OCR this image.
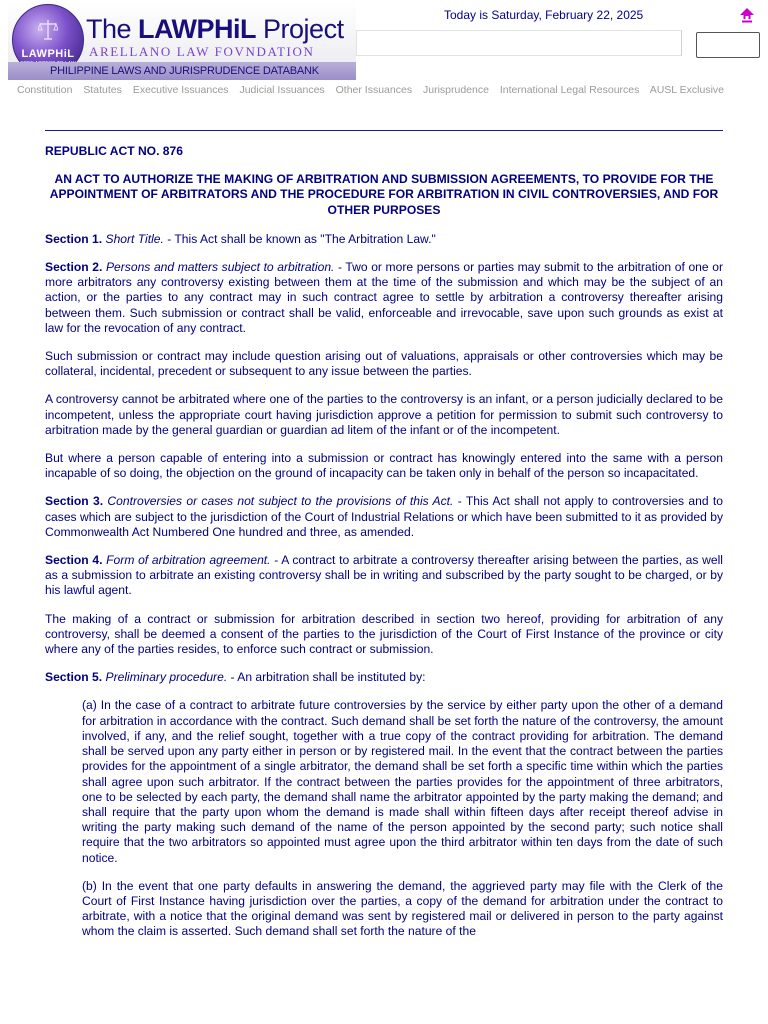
LAWPHiL
The LAWPHiL Project
ARELLANO LAW FOVNDATION
PHILIPPINE LAWS AND JURISPRUDENCE DATABANK
Today is Saturday, February 22, 2025
Constitution Statutes Executive Issuances Judicial Issuances Other Issuances Jurisprudence International Legal Resources AUSL Exclusive
REPUBLIC ACT NO. 876
AN ACT TO AUTHORIZE THE MAKING OF ARBITRATION AND SUBMISSION AGREEMENTS, TO PROVIDE FOR THE APPOINTMENT OF ARBITRATORS AND THE PROCEDURE FOR ARBITRATION IN CIVIL CONTROVERSIES, AND FOR OTHER PURPOSES

Section 1. Short Title. - This Act shall be known as "The Arbitration Law."

Section 2. Persons and matters subject to arbitration. - Two or more persons or parties may submit to the arbitration of one or more arbitrators any controversy existing between them at the time of the submission and which may be the subject of an action, or the parties to any contract may in such contract agree to settle by arbitration a controversy thereafter arising between them. Such submission or contract shall be valid, enforceable and irrevocable, save upon such grounds as exist at law for the revocation of any contract.

Such submission or contract may include question arising out of valuations, appraisals or other controversies which may be collateral, incidental, precedent or subsequent to any issue between the parties.

A controversy cannot be arbitrated where one of the parties to the controversy is an infant, or a person judicially declared to be incompetent, unless the appropriate court having jurisdiction approve a petition for permission to submit such controversy to arbitration made by the general guardian or guardian ad litem of the infant or of the incompetent.

But where a person capable of entering into a submission or contract has knowingly entered into the same with a person incapable of so doing, the objection on the ground of incapacity can be taken only in behalf of the person so incapacitated.

Section 3. Controversies or cases not subject to the provisions of this Act. - This Act shall not apply to controversies and to cases which are subject to the jurisdiction of the Court of Industrial Relations or which have been submitted to it as provided by Commonwealth Act Numbered One hundred and three, as amended.

Section 4. Form of arbitration agreement. - A contract to arbitrate a controversy thereafter arising between the parties, as well as a submission to arbitrate an existing controversy shall be in writing and subscribed by the party sought to be charged, or by his lawful agent.

The making of a contract or submission for arbitration described in section two hereof, providing for arbitration of any controversy, shall be deemed a consent of the parties to the jurisdiction of the Court of First Instance of the province or city where any of the parties resides, to enforce such contract or submission.

Section 5. Preliminary procedure. - An arbitration shall be instituted by:

(a) In the case of a contract to arbitrate future controversies by the service by either party upon the other of a demand for arbitration in accordance with the contract. Such demand shall be set forth the nature of the controversy, the amount involved, if any, and the relief sought, together with a true copy of the contract providing for arbitration. The demand shall be served upon any party either in person or by registered mail. In the event that the contract between the parties provides for the appointment of a single arbitrator, the demand shall be set forth a specific time within which the parties shall agree upon such arbitrator. If the contract between the parties provides for the appointment of three arbitrators, one to be selected by each party, the demand shall name the arbitrator appointed by the party making the demand; and shall require that the party upon whom the demand is made shall within fifteen days after receipt thereof advise in writing the party making such demand of the name of the person appointed by the second party; such notice shall require that the two arbitrators so appointed must agree upon the third arbitrator within ten days from the date of such notice.

(b) In the event that one party defaults in answering the demand, the aggrieved party may file with the Clerk of the Court of First Instance having jurisdiction over the parties, a copy of the demand for arbitration under the contract to arbitrate, with a notice that the original demand was sent by registered mail or delivered in person to the party against whom the claim is asserted. Such demand shall set forth the nature of the
